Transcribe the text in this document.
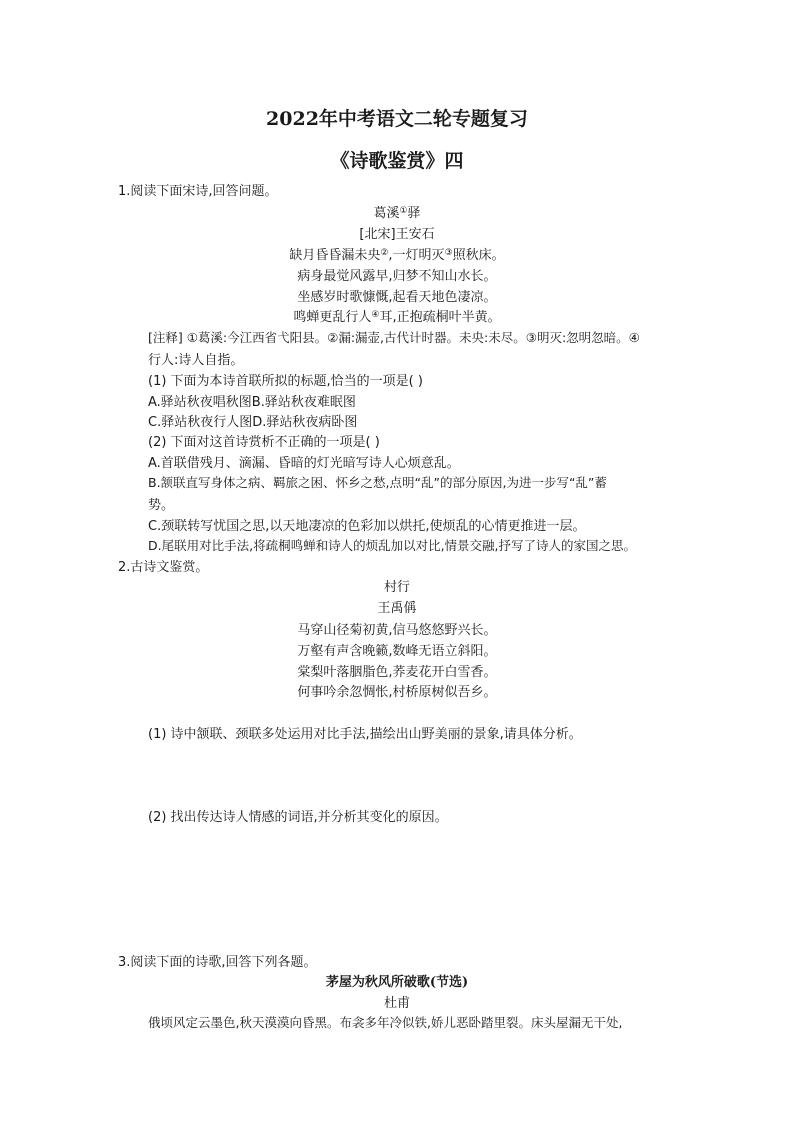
2022年中考语文二轮专题复习
《诗歌鉴赏》四
1.阅读下面宋诗,回答问题。
葛溪①驿
[北宋]王安石
缺月昏昏漏未央②,一灯明灭③照秋床。
病身最觉风露早,归梦不知山水长。
坐感岁时歌慷慨,起看天地色凄凉。
鸣蝉更乱行人④耳,正抱疏桐叶半黄。
[注释] ①葛溪:今江西省弋阳县。②漏:漏壶,古代计时器。未央:未尽。③明灭:忽明忽暗。④
行人:诗人自指。
(1) 下面为本诗首联所拟的标题,恰当的一项是( )
A.驿站秋夜唱秋图B.驿站秋夜难眠图
C.驿站秋夜行人图D.驿站秋夜病卧图
(2) 下面对这首诗赏析不正确的一项是( )
A.首联借残月、滴漏、昏暗的灯光暗写诗人心烦意乱。
B.颔联直写身体之病、羁旅之困、怀乡之愁,点明“乱”的部分原因,为进一步写“乱”蓄
势。
C.颈联转写忧国之思,以天地凄凉的色彩加以烘托,使烦乱的心情更推进一层。
D.尾联用对比手法,将疏桐鸣蝉和诗人的烦乱加以对比,情景交融,抒写了诗人的家国之思。
2.古诗文鉴赏。
村行
王禹偁
马穿山径菊初黄,信马悠悠野兴长。
万壑有声含晚籁,数峰无语立斜阳。
棠梨叶落胭脂色,荞麦花开白雪香。
何事吟余忽惆怅,村桥原树似吾乡。
(1) 诗中颔联、颈联多处运用对比手法,描绘出山野美丽的景象,请具体分析。
(2) 找出传达诗人情感的词语,并分析其变化的原因。
3.阅读下面的诗歌,回答下列各题。
茅屋为秋风所破歌(节选)
杜甫
俄顷风定云墨色,秋天漠漠向昏黑。布衾多年冷似铁,娇儿恶卧踏里裂。床头屋漏无干处,
